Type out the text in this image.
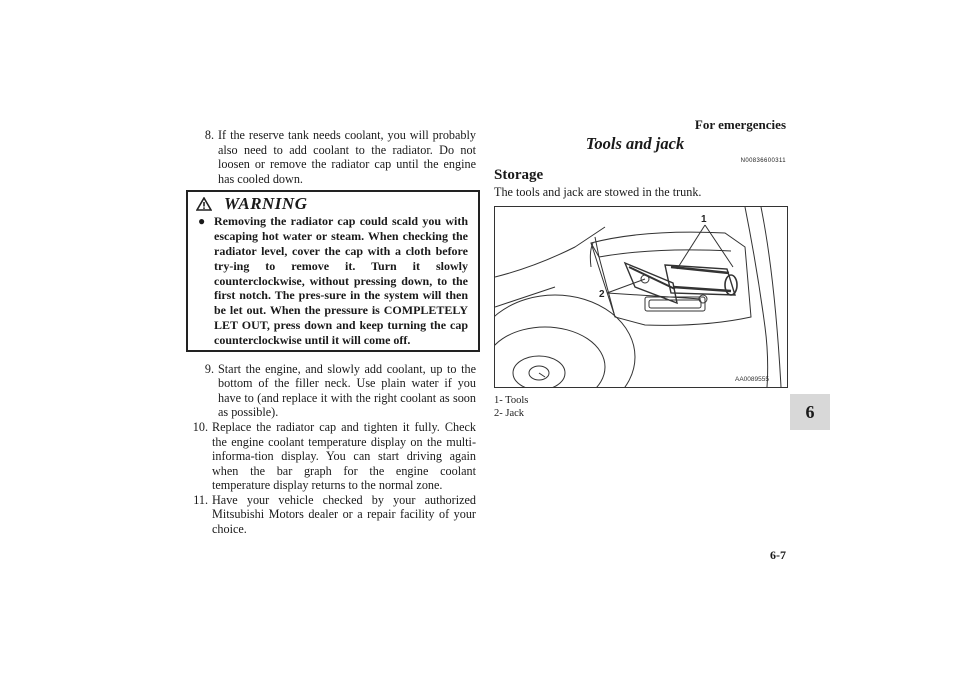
For emergencies
8. If the reserve tank needs coolant, you will probably also need to add coolant to the radiator. Do not loosen or remove the radiator cap until the engine has cooled down.
WARNING
● Removing the radiator cap could scald you with escaping hot water or steam. When checking the radiator level, cover the cap with a cloth before try-ing to remove it. Turn it slowly counterclockwise, without pressing down, to the first notch. The pres-sure in the system will then be let out. When the pressure is COMPLETELY LET OUT, press down and keep turning the cap counterclockwise until it will come off.
9. Start the engine, and slowly add coolant, up to the bottom of the filler neck. Use plain water if you have to (and replace it with the right coolant as soon as possible).
10. Replace the radiator cap and tighten it fully. Check the engine coolant temperature display on the multi-informa-tion display. You can start driving again when the bar graph for the engine coolant temperature display returns to the normal zone.
11. Have your vehicle checked by your authorized Mitsubishi Motors dealer or a repair facility of your choice.
Tools and jack
N00836600311
Storage
The tools and jack are stowed in the trunk.
1
2
AA0089555
1- Tools
2- Jack	6
6-7
